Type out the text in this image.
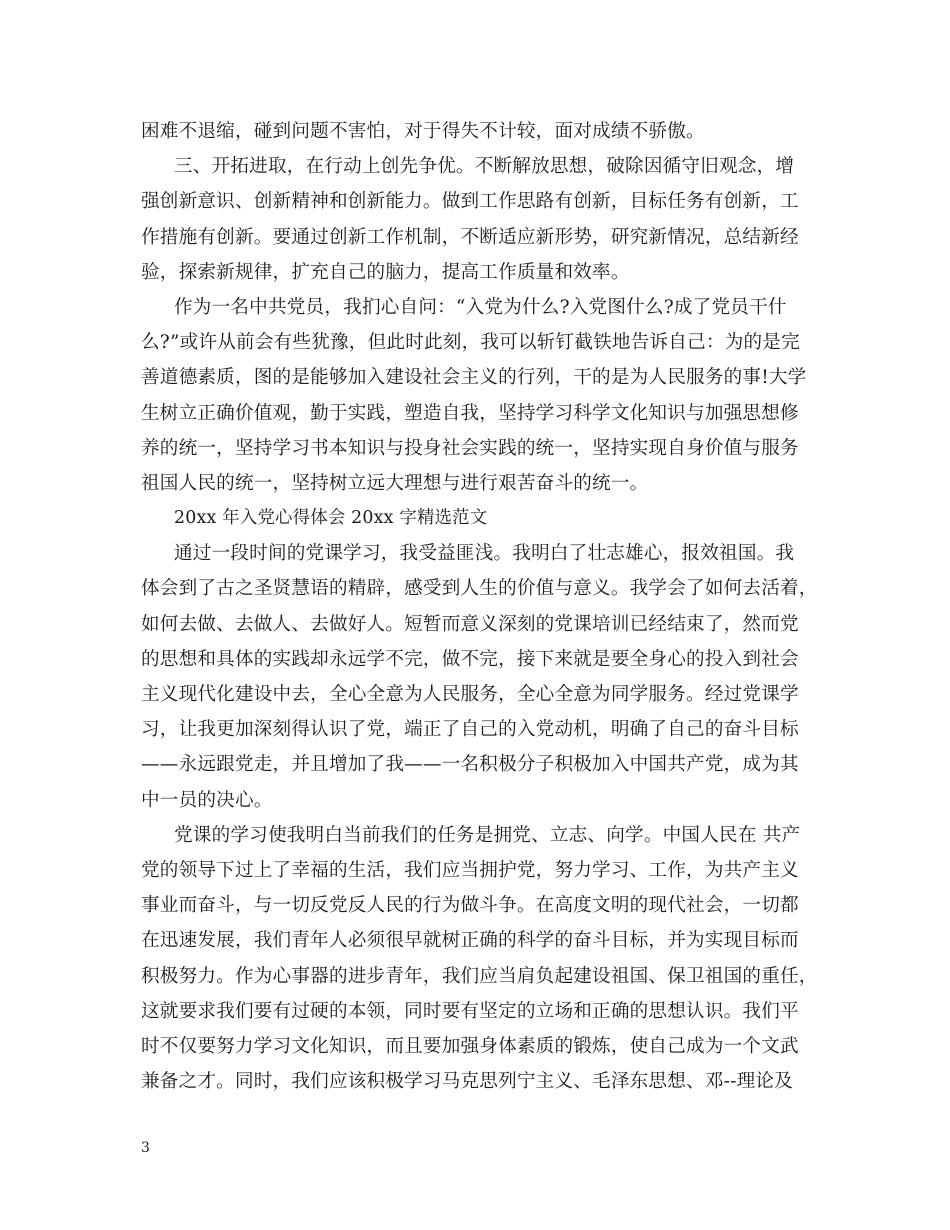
困难不退缩，碰到问题不害怕，对于得失不计较，面对成绩不骄傲。
三、开拓进取，在行动上创先争优。不断解放思想，破除因循守旧观念，增
强创新意识、创新精神和创新能力。做到工作思路有创新，目标任务有创新，工
作措施有创新。要通过创新工作机制，不断适应新形势，研究新情况，总结新经
验，探索新规律，扩充自己的脑力，提高工作质量和效率。
作为一名中共党员，我扪心自问：“入党为什么?入党图什么?成了党员干什
么?”或许从前会有些犹豫，但此时此刻，我可以斩钉截铁地告诉自己：为的是完
善道德素质，图的是能够加入建设社会主义的行列，干的是为人民服务的事!大学
生树立正确价值观，勤于实践，塑造自我，坚持学习科学文化知识与加强思想修
养的统一，坚持学习书本知识与投身社会实践的统一，坚持实现自身价值与服务
祖国人民的统一，坚持树立远大理想与进行艰苦奋斗的统一。
20xx 年入党心得体会 20xx 字精选范文
通过一段时间的党课学习，我受益匪浅。我明白了壮志雄心，报效祖国。我
体会到了古之圣贤慧语的精辟，感受到人生的价值与意义。我学会了如何去活着，
如何去做、去做人、去做好人。短暂而意义深刻的党课培训已经结束了，然而党
的思想和具体的实践却永远学不完，做不完，接下来就是要全身心的投入到社会
主义现代化建设中去，全心全意为人民服务，全心全意为同学服务。经过党课学
习，让我更加深刻得认识了党，端正了自己的入党动机，明确了自己的奋斗目标
——永远跟党走，并且增加了我——一名积极分子积极加入中国共产党，成为其
中一员的决心。
党课的学习使我明白当前我们的任务是拥党、立志、向学。中国人民在 共产
党的领导下过上了幸福的生活，我们应当拥护党，努力学习、工作，为共产主义
事业而奋斗，与一切反党反人民的行为做斗争。在高度文明的现代社会，一切都
在迅速发展，我们青年人必须很早就树正确的科学的奋斗目标，并为实现目标而
积极努力。作为心事器的进步青年，我们应当肩负起建设祖国、保卫祖国的重任，
这就要求我们要有过硬的本领，同时要有坚定的立场和正确的思想认识。我们平
时不仅要努力学习文化知识，而且要加强身体素质的锻炼，使自己成为一个文武
兼备之才。同时，我们应该积极学习马克思列宁主义、毛泽东思想、邓--理论及
3
